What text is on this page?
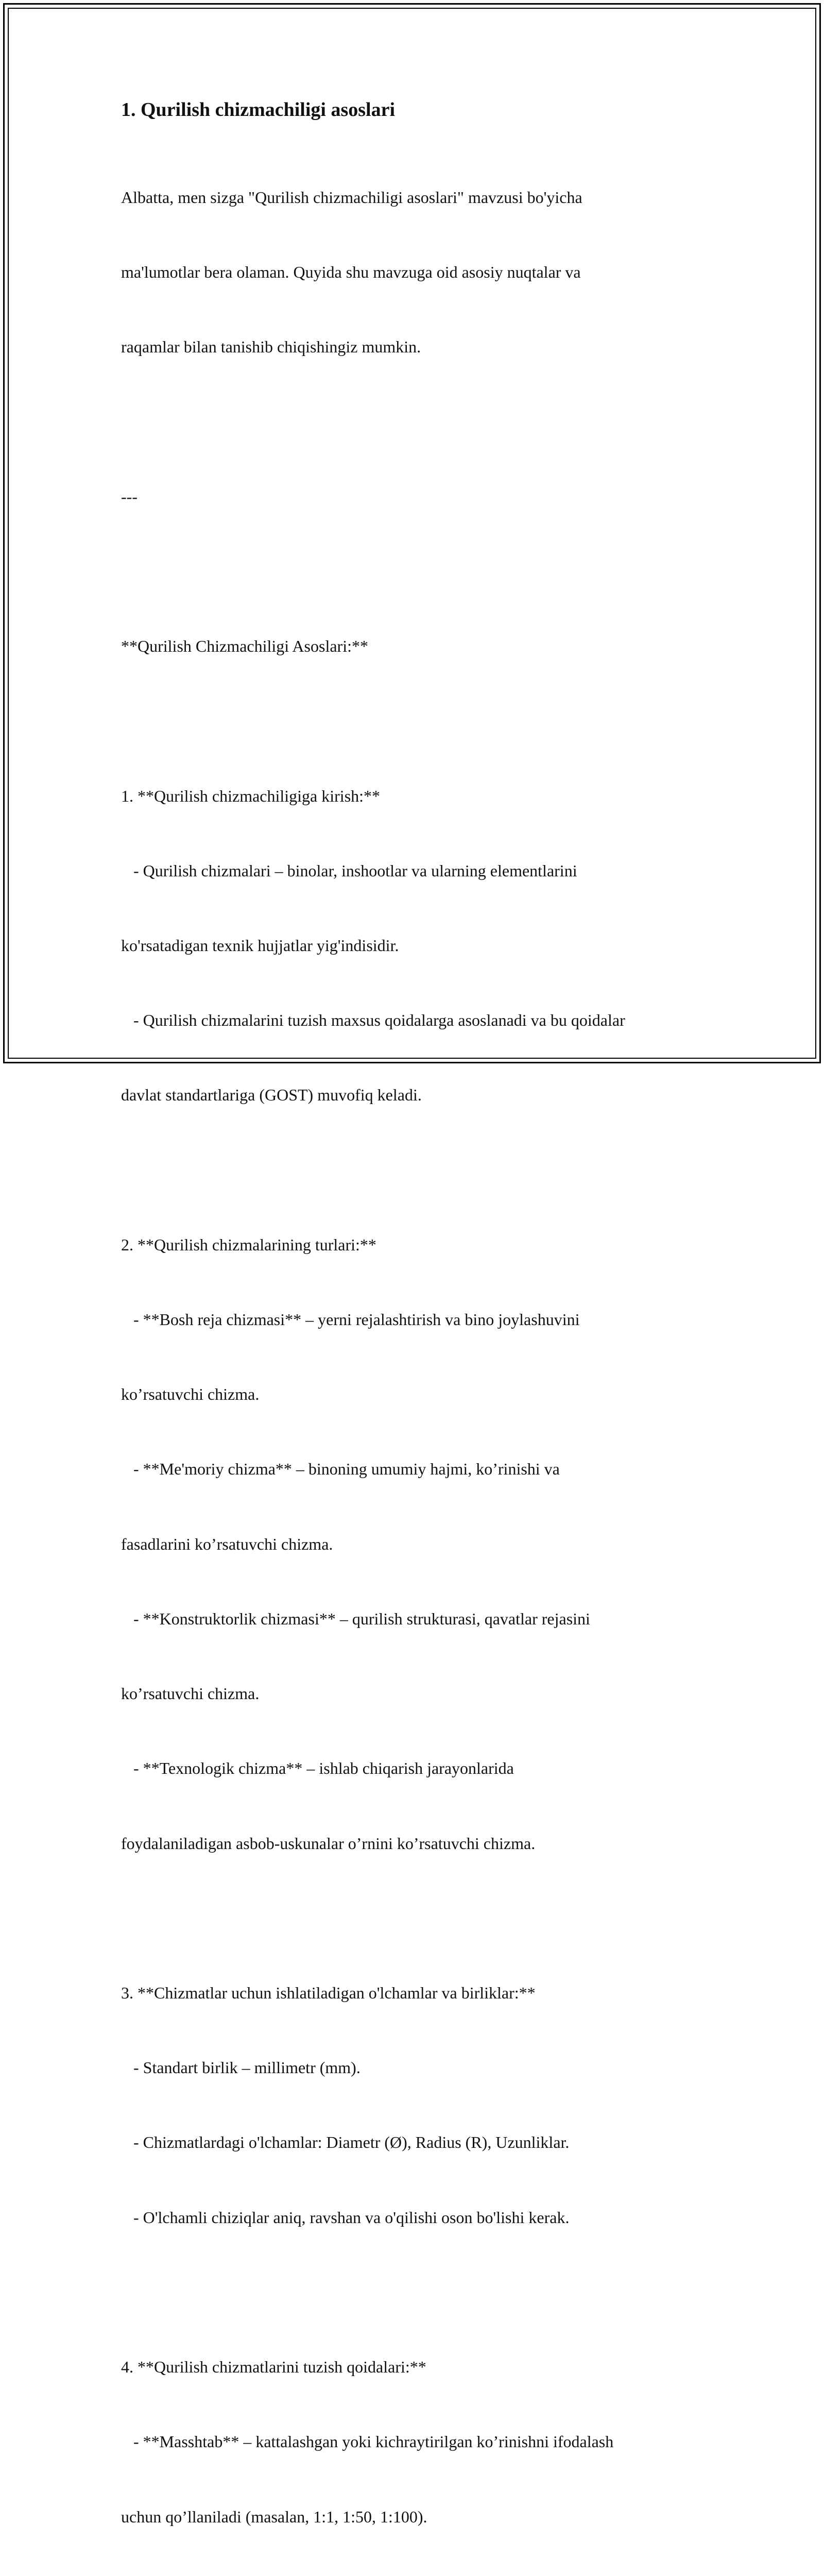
1. Qurilish chizmachiligi asoslari

Albatta, men sizga "Qurilish chizmachiligi asoslari" mavzusi bo'yicha

ma'lumotlar bera olaman. Quyida shu mavzuga oid asosiy nuqtalar va

raqamlar bilan tanishib chiqishingiz mumkin.

---

**Qurilish Chizmachiligi Asoslari:**

1. **Qurilish chizmachiligiga kirish:**

- Qurilish chizmalari – binolar, inshootlar va ularning elementlarini

ko'rsatadigan texnik hujjatlar yig'indisidir.

- Qurilish chizmalarini tuzish maxsus qoidalarga asoslanadi va bu qoidalar

davlat standartlariga (GOST) muvofiq keladi.

2. **Qurilish chizmalarining turlari:**

- **Bosh reja chizmasi** – yerni rejalashtirish va bino joylashuvini

ko’rsatuvchi chizma.

- **Me'moriy chizma** – binoning umumiy hajmi, ko’rinishi va

fasadlarini ko’rsatuvchi chizma.

- **Konstruktorlik chizmasi** – qurilish strukturasi, qavatlar rejasini

ko’rsatuvchi chizma.

- **Texnologik chizma** – ishlab chiqarish jarayonlarida

foydalaniladigan asbob-uskunalar o’rnini ko’rsatuvchi chizma.

3. **Chizmatlar uchun ishlatiladigan o'lchamlar va birliklar:**

- Standart birlik – millimetr (mm).

- Chizmatlardagi o'lchamlar: Diametr (Ø), Radius (R), Uzunliklar.

- O'lchamli chiziqlar aniq, ravshan va o'qilishi oson bo'lishi kerak.

4. **Qurilish chizmatlarini tuzish qoidalari:**

- **Masshtab** – kattalashgan yoki kichraytirilgan ko’rinishni ifodalash

uchun qo’llaniladi (masalan, 1:1, 1:50, 1:100).
